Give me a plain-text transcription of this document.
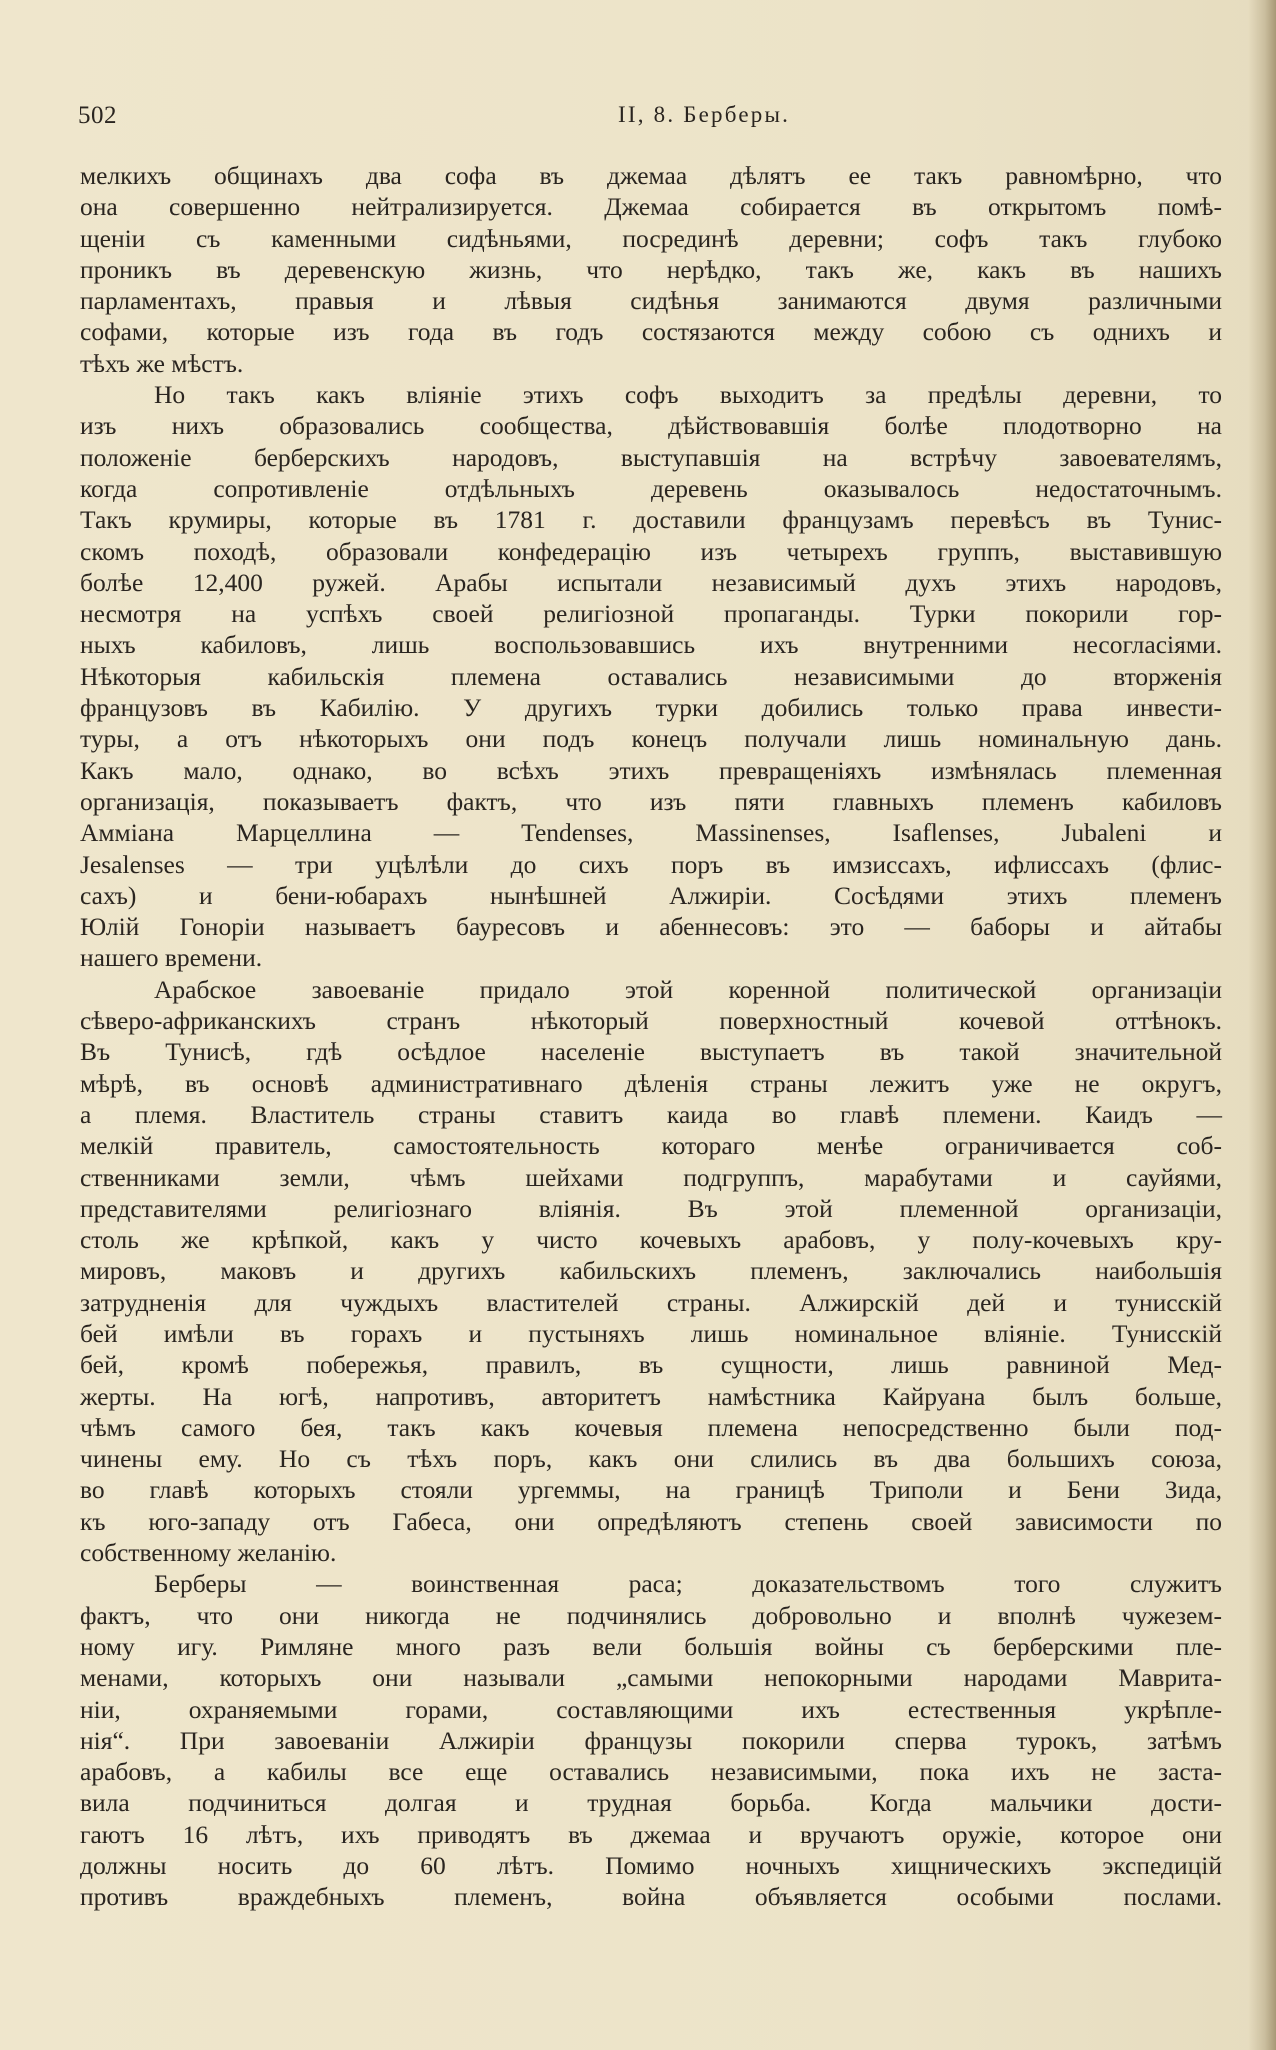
502	II, 8. Берберы.
мелкихъ общинахъ два софа въ джемаа дѣлятъ ее такъ равномѣрно, что
она совершенно нейтрализируется. Джемаа собирается въ открытомъ помѣ-
щеніи съ каменными сидѣньями, посрединѣ деревни; софъ такъ глубоко
проникъ въ деревенскую жизнь, что нерѣдко, такъ же, какъ въ нашихъ
парламентахъ, правыя и лѣвыя сидѣнья занимаются двумя различными
софами, которые изъ года въ годъ состязаются между собою съ однихъ и
тѣхъ же мѣстъ.
Но такъ какъ вліяніе этихъ софъ выходитъ за предѣлы деревни, то
изъ нихъ образовались сообщества, дѣйствовавшія болѣе плодотворно на
положеніе берберскихъ народовъ, выступавшія на встрѣчу завоевателямъ,
когда сопротивленіе отдѣльныхъ деревень оказывалось недостаточнымъ.
Такъ крумиры, которые въ 1781 г. доставили французамъ перевѣсъ въ Тунис-
скомъ походѣ, образовали конфедерацію изъ четырехъ группъ, выставившую
болѣе 12,400 ружей. Арабы испытали независимый духъ этихъ народовъ,
несмотря на успѣхъ своей религіозной пропаганды. Турки покорили гор-
ныхъ кабиловъ, лишь воспользовавшись ихъ внутренними несогласіями.
Нѣкоторыя кабильскія племена оставались независимыми до вторженія
французовъ въ Кабилію. У другихъ турки добились только права инвести-
туры, а отъ нѣкоторыхъ они подъ конецъ получали лишь номинальную дань.
Какъ мало, однако, во всѣхъ этихъ превращеніяхъ измѣнялась племенная
организація, показываетъ фактъ, что изъ пяти главныхъ племенъ кабиловъ
Амміана Марцеллина — Tendenses, Massinenses, Isaflenses, Jubaleni и
Jesalenses — три уцѣлѣли до сихъ поръ въ имзиссахъ, ифлиссахъ (флис-
сахъ) и бени-юбарахъ нынѣшней Алжиріи. Сосѣдями этихъ племенъ
Юлій Гоноріи называетъ бауресовъ и абеннесовъ: это — баборы и айтабы
нашего времени.
Арабское завоеваніе придало этой коренной политической организаціи
сѣверо-африканскихъ странъ нѣкоторый поверхностный кочевой оттѣнокъ.
Въ Тунисѣ, гдѣ осѣдлое населеніе выступаетъ въ такой значительной
мѣрѣ, въ основѣ административнаго дѣленія страны лежитъ уже не округъ,
а племя. Властитель страны ставитъ каида во главѣ племени. Каидъ —
мелкій правитель, самостоятельность котораго менѣе ограничивается соб-
ственниками земли, чѣмъ шейхами подгруппъ, марабутами и сауйями,
представителями религіознаго вліянія. Въ этой племенной организаціи,
столь же крѣпкой, какъ у чисто кочевыхъ арабовъ, у полу-кочевыхъ кру-
мировъ, маковъ и другихъ кабильскихъ племенъ, заключались наибольшія
затрудненія для чуждыхъ властителей страны. Алжирскій дей и тунисскій
бей имѣли въ горахъ и пустыняхъ лишь номинальное вліяніе. Тунисскій
бей, кромѣ побережья, правилъ, въ сущности, лишь равниной Мед-
жерты. На югѣ, напротивъ, авторитетъ намѣстника Кайруана былъ больше,
чѣмъ самого бея, такъ какъ кочевыя племена непосредственно были под-
чинены ему. Но съ тѣхъ поръ, какъ они слились въ два большихъ союза,
во главѣ которыхъ стояли ургеммы, на границѣ Триполи и Бени Зида,
къ юго-западу отъ Габеса, они опредѣляютъ степень своей зависимости по
собственному желанію.
Берберы — воинственная раса; доказательствомъ того служитъ
фактъ, что они никогда не подчинялись добровольно и вполнѣ чужезем-
ному игу. Римляне много разъ вели большія войны съ берберскими пле-
менами, которыхъ они называли „самыми непокорными народами Маврита-
ніи, охраняемыми горами, составляющими ихъ естественныя укрѣпле-
нія“. При завоеваніи Алжиріи французы покорили сперва турокъ, затѣмъ
арабовъ, а кабилы все еще оставались независимыми, пока ихъ не заста-
вила подчиниться долгая и трудная борьба. Когда мальчики дости-
гаютъ 16 лѣтъ, ихъ приводятъ въ джемаа и вручаютъ оружіе, которое они
должны носить до 60 лѣтъ. Помимо ночныхъ хищническихъ экспедицій
противъ враждебныхъ племенъ, война объявляется особыми послами.
